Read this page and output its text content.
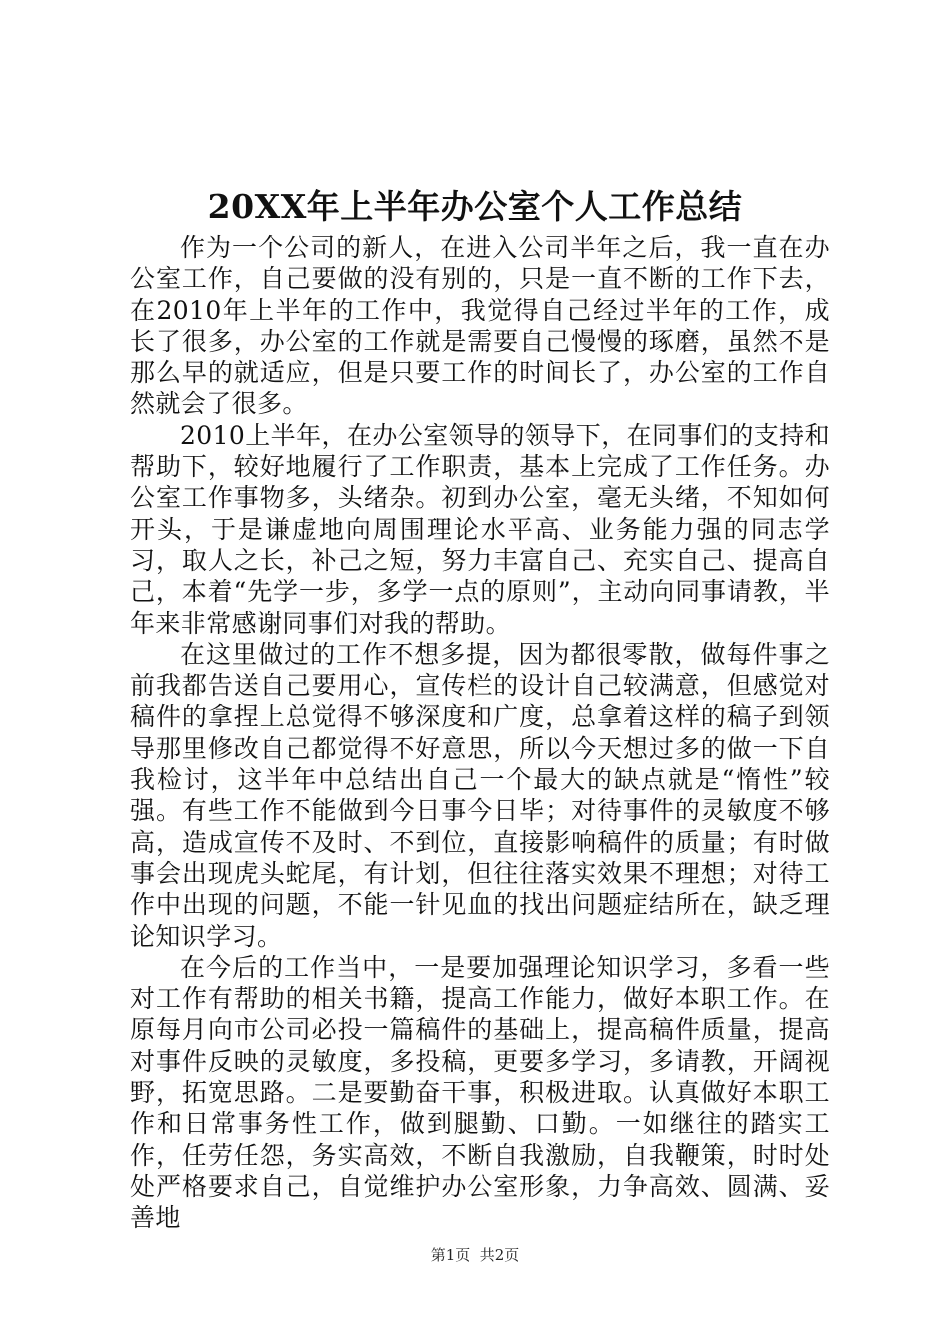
20XX年上半年办公室个人工作总结

作为一个公司的新人，在进入公司半年之后，我一直在办公室工作，自己要做的没有别的，只是一直不断的工作下去，在2010年上半年的工作中，我觉得自己经过半年的工作，成长了很多，办公室的工作就是需要自己慢慢的琢磨，虽然不是那么早的就适应，但是只要工作的时间长了，办公室的工作自然就会了很多。

2010上半年，在办公室领导的领导下，在同事们的支持和帮助下，较好地履行了工作职责，基本上完成了工作任务。办公室工作事物多，头绪杂。初到办公室，毫无头绪，不知如何开头，于是谦虚地向周围理论水平高、业务能力强的同志学习，取人之长，补己之短，努力丰富自己、充实自己、提高自己，本着“先学一步，多学一点的原则”，主动向同事请教，半年来非常感谢同事们对我的帮助。

在这里做过的工作不想多提，因为都很零散，做每件事之前我都告送自己要用心，宣传栏的设计自己较满意，但感觉对稿件的拿捏上总觉得不够深度和广度，总拿着这样的稿子到领导那里修改自己都觉得不好意思，所以今天想过多的做一下自我检讨，这半年中总结出自己一个最大的缺点就是“惰性”较强。有些工作不能做到今日事今日毕；对待事件的灵敏度不够高，造成宣传不及时、不到位，直接影响稿件的质量；有时做事会出现虎头蛇尾，有计划，但往往落实效果不理想；对待工作中出现的问题，不能一针见血的找出问题症结所在，缺乏理论知识学习。

在今后的工作当中，一是要加强理论知识学习，多看一些对工作有帮助的相关书籍，提高工作能力，做好本职工作。在原每月向市公司必投一篇稿件的基础上，提高稿件质量，提高对事件反映的灵敏度，多投稿，更要多学习，多请教，开阔视野，拓宽思路。二是要勤奋干事，积极进取。认真做好本职工作和日常事务性工作，做到腿勤、口勤。一如继往的踏实工作，任劳任怨，务实高效，不断自我激励，自我鞭策，时时处处严格要求自己，自觉维护办公室形象，力争高效、圆满、妥善地

第1页  共2页
